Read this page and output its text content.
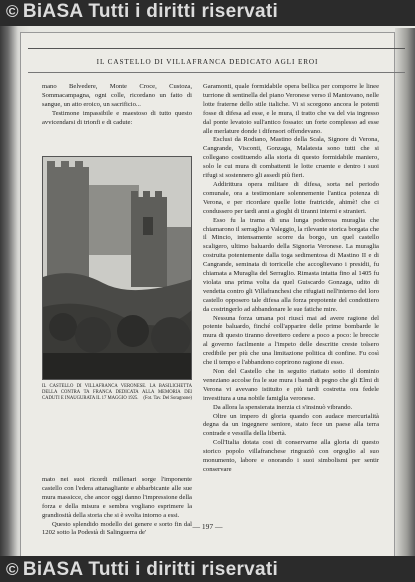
© BiASA Tutti i diritti riservati
IL CASTELLO DI VILLAFRANCA DEDICATO AGLI EROI

mano Belvedere, Monte Croce, Custoza, Sommacampagna, ogni colle, ricordano un fatto di sangue, un atto eroico, un sacrificio...

Testimone impassibile e maestoso di tutto questo avvicendarsi di trionfi e di cadute:

IL CASTELLO DI VILLAFRANCA VERONESE. LA BASILICHETTA DELLA CONTRA TA FRANCA DEDICATA ALLA MEMORIA DEI CADUTI E INAUGURATA IL 17 MAGGIO 1925. (Fot. Tav. Del Soragnone)

mato nei suoi ricordi millenari sorge l'imponente castello con l'edera attanagliante e abbarbicante alle sue mura massicce, che ancor oggi danno l'impressione della forza e della misura e sembra vogliano esprimere la grandiosità della storia che si è svolta intorno a essi.

Questo splendido modello dei genere e sorto fin dal 1202 sotto la Podestà di Salinguerra de'

Garamonti, quale formidabile opera bellica per comporre le linee turrione di sentinella del piano Veronese verso il Mantovano, nelle lotte fraterne dello stile italiche. Vi si scorgono ancora le potenti fosse di difesa ad esse, e le mura, il tratto che va del via ingresso dal ponte levatoio sull'antico fossato: un forte complesso ad esse alle merlature donde i difensori offendevano.

Esclusi da Rodiano, Mastino della Scala, Signore di Verona, Cangrande, Visconti, Gonzaga, Malatesta sono tutti che si collegano costituendo alla storia di questo formidabile maniero, solo le cui mura di combattenti le lotte cruente e dentro i suoi rifugi si sostennero gli assedi più fieri.

Addirittura opera militare di difesa, sorta nel periodo comunale, ora a testimoniare solennemente l'antica potenza di Verona, e per ricordare quelle lotte fratricide, ahimè! che ci condussero per tardi anni a gioghi di tiranni interni e stranieri.

Esso fu la trama di una lunga poderosa muraglia che chiamarono il serraglio a Valeggio, la rilevante storica borgata che il Mincio, intensamente scorre da borgo, un quel castello scaligero, ultimo baluardo della Signoria Veronese. La muraglia costruita potentemente dalla toga sedimentosa di Mastino II e di Cangrande, seminata di torricelle che accoglievano i presidii, fu chiamata a Muraglia del Serraglio. Rimasta intatta fino al 1405 fu violata una prima volta da quel Guiscardo Gonzaga, udito di vendetta contro gli Villafranchesi che rifugiati nell'interno del loro castello opposero tale difesa alla forza prepotente del condottiero da costringerlo ad abbandonare le sue fatiche mire.

Nessuna forza umana poi riuscì mai ad avere ragione del potente baluardo, finché coll'apparire delle prime bombarde le mura di questo tiranno dovettero cedere a poco a poco: le breccie al governo facilmente a l'impeto delle descritte creste tolsero credibile per più che una limitazione politica di confine. Fu così che il tempo e l'abbandono coprirono ragione di esso.

Non del Castello che in seguito riattato sotto il dominio veneziano accolse fra le sue mura i bandi di pegno che gli Elmi di Verona vi avevano istituito e più tardi costretta ora fedele investitura a una nobile famiglia veronese.

Da allora la spensierata inerzia ci s'insinuò vibrando.

Oltre un impero di gloria quando con audace mercurialità degna da un ingegnere seniore, stato fece un paese alla terra contrade e vessilla della libertà.

Coll'Italia dotata cosi di conservarne alla gloria di questo storico popolo villafranchese ringraziò con orgoglio al suo monumento, labore e onorando i suoi simbolismi per sentir conservare

— 197 —
© BiASA Tutti i diritti riservati
